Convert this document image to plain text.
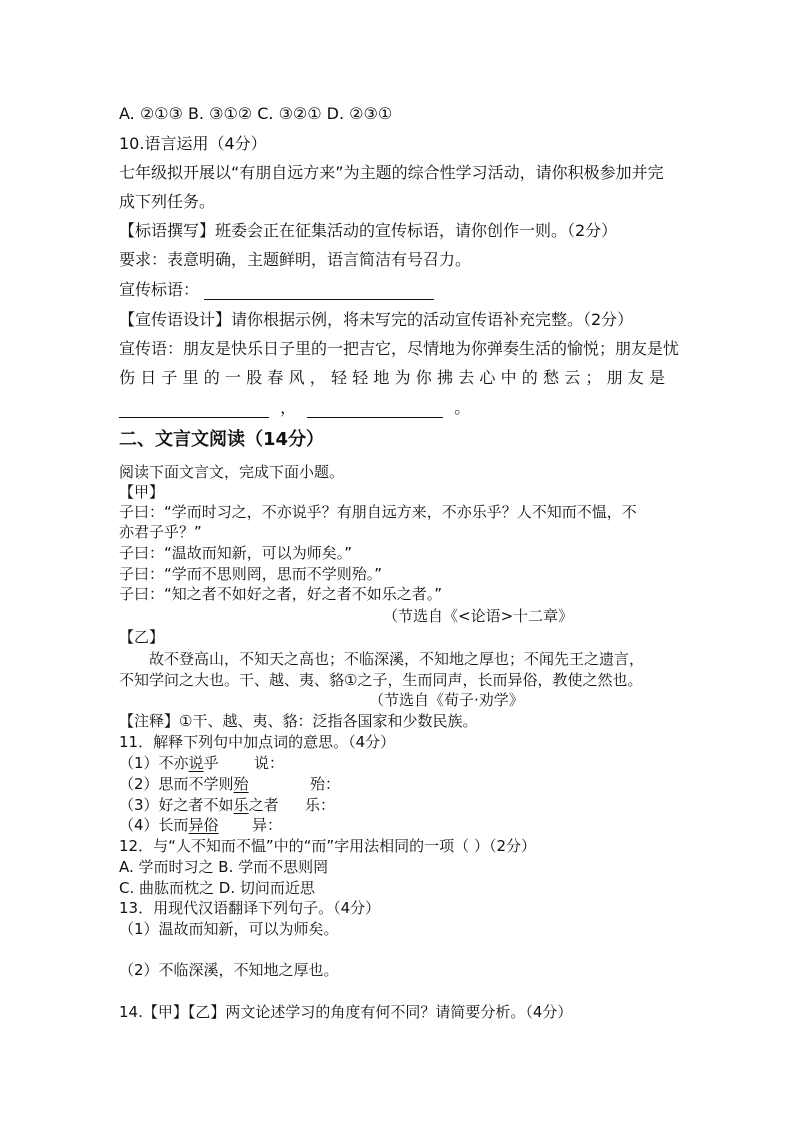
A. ②①③ B. ③①② C. ③②① D. ②③①
10.语言运用（4分）
七年级拟开展以“有朋自远方来”为主题的综合性学习活动，请你积极参加并完
成下列任务。
【标语撰写】班委会正在征集活动的宣传标语，请你创作一则。（2分）
要求：表意明确，主题鲜明，语言简洁有号召力。
宣传标语：
【宣传语设计】请你根据示例，将未写完的活动宣传语补充完整。（2分）
宣传语：朋友是快乐日子里的一把吉它，尽情地为你弹奏生活的愉悦；朋友是忧
伤日子里的一股春风，轻轻地为你拂去心中的愁云；朋友是
，	。
二、文言文阅读（14分）
阅读下面文言文，完成下面小题。
【甲】
子曰：“学而时习之，不亦说乎？有朋自远方来，不亦乐乎？人不知而不愠，不
亦君子乎？”
子曰：“温故而知新，可以为师矣。”
子曰：“学而不思则罔，思而不学则殆。”
子曰：“知之者不如好之者，好之者不如乐之者。”
（节选自《<论语>十二章》
【乙】
故不登高山，不知天之高也；不临深溪，不知地之厚也；不闻先王之遗言，
不知学问之大也。干、越、夷、貉①之子，生而同声，长而异俗，教使之然也。
（节选自《荀子·劝学》
【注释】①干、越、夷、貉：泛指各国家和少数民族。
11．解释下列句中加点词的意思。（4分）
（1）不亦说乎 说：
（2）思而不学则殆	殆：
（3）好之者不如乐之者 乐：
（4）长而异俗 异：
12．与“人不知而不愠”中的“而”字用法相同的一项（ ）（2分）
A. 学而时习之 B. 学而不思则罔
C. 曲肱而枕之 D. 切问而近思
13．用现代汉语翻译下列句子。（4分）
（1）温故而知新，可以为师矣。
（2）不临深溪，不知地之厚也。
14.【甲】【乙】两文论述学习的角度有何不同？请简要分析。（4分）
